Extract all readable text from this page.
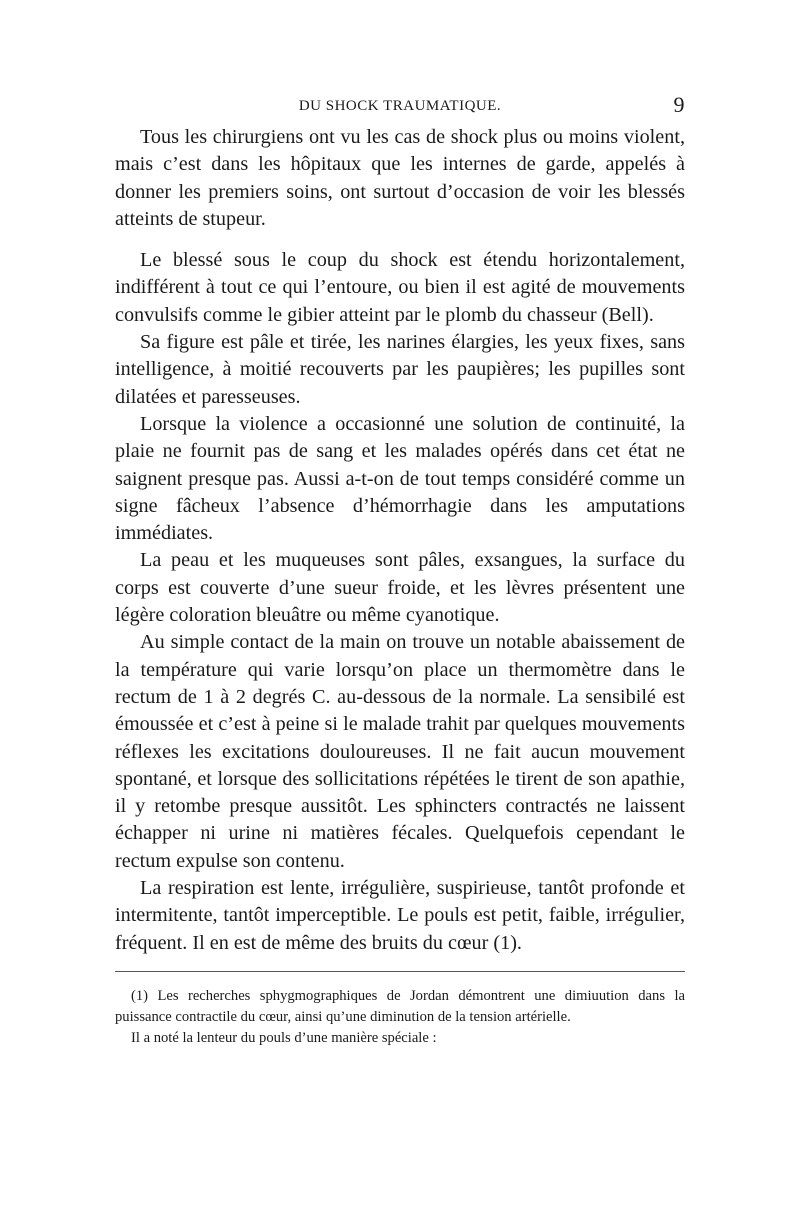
DU SHOCK TRAUMATIQUE.	9

Tous les chirurgiens ont vu les cas de shock plus ou moins violent, mais c’est dans les hôpitaux que les internes de garde, appelés à donner les premiers soins, ont surtout d’occasion de voir les blessés atteints de stupeur.

Le blessé sous le coup du shock est étendu horizontalement, indifférent à tout ce qui l’entoure, ou bien il est agité de mouvements convulsifs comme le gibier atteint par le plomb du chasseur (Bell).

Sa figure est pâle et tirée, les narines élargies, les yeux fixes, sans intelligence, à moitié recouverts par les paupières; les pupilles sont dilatées et paresseuses.

Lorsque la violence a occasionné une solution de continuité, la plaie ne fournit pas de sang et les malades opérés dans cet état ne saignent presque pas. Aussi a-t-on de tout temps considéré comme un signe fâcheux l’absence d’hémorrhagie dans les amputations immédiates.

La peau et les muqueuses sont pâles, exsangues, la surface du corps est couverte d’une sueur froide, et les lèvres présentent une légère coloration bleuâtre ou même cyanotique.

Au simple contact de la main on trouve un notable abaissement de la température qui varie lorsqu’on place un thermomètre dans le rectum de 1 à 2 degrés C. au-dessous de la normale. La sensibilé est émoussée et c’est à peine si le malade trahit par quelques mouvements réflexes les excitations douloureuses. Il ne fait aucun mouvement spontané, et lorsque des sollicitations répétées le tirent de son apathie, il y retombe presque aussitôt. Les sphincters contractés ne laissent échapper ni urine ni matières fécales. Quelquefois cependant le rectum expulse son contenu.

La respiration est lente, irrégulière, suspirieuse, tantôt profonde et intermitente, tantôt imperceptible. Le pouls est petit, faible, irrégulier, fréquent. Il en est de même des bruits du cœur (1).

(1) Les recherches sphygmographiques de Jordan démontrent une dimiuution dans la puissance contractile du cœur, ainsi qu’une diminution de la tension artérielle.

Il a noté la lenteur du pouls d’une manière spéciale :
